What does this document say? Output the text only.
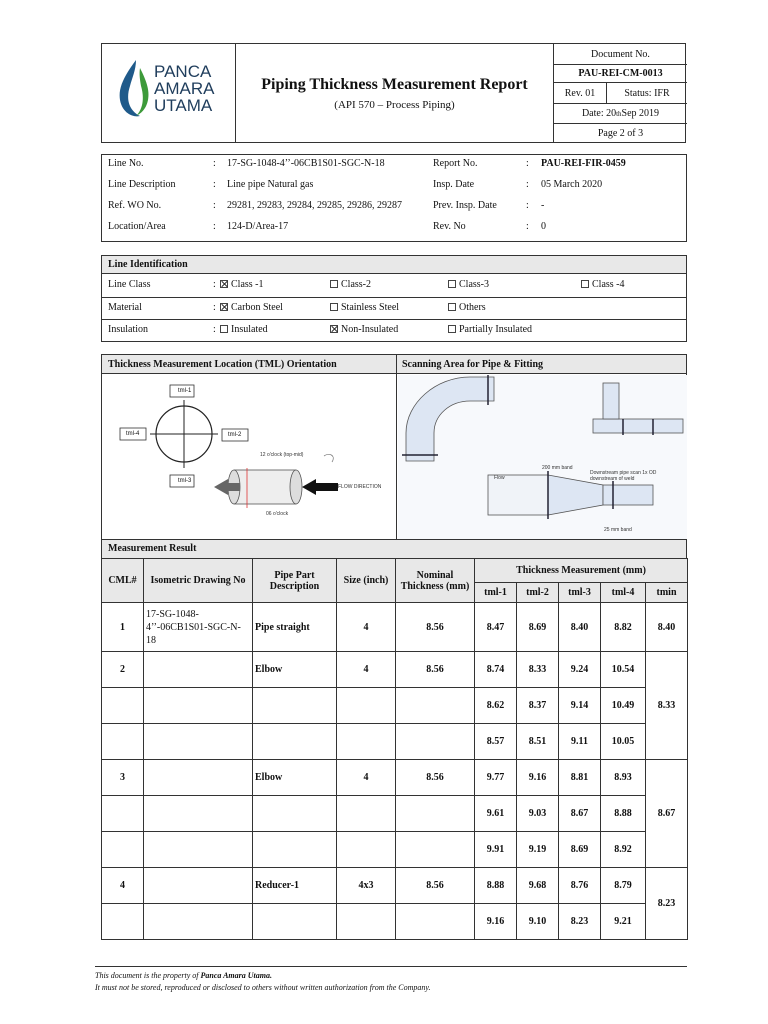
PANCA
AMARA
UTAMA
Piping Thickness Measurement Report
(API 570 – Process Piping)
Document No.
PAU-REI-CM-0013
Rev. 01	Status: IFR
Date: 20 th Sep 2019
Page 2 of 3
Line No.	: 17-SG-1048-4’’-06CB1S01-SGC-N-18	Report No.	: PAU-REI-FIR-0459
Line Description	: Line pipe Natural gas	Insp. Date	: 05 March 2020
Ref. WO No.	: 29281, 29283, 29284, 29285, 29286, 29287	Prev. Insp. Date	: -
Location/Area	: 124-D/Area-17	Rev. No	: 0
Line Identification
Line Class	:	Class -1	Class-2	Class-3	Class -4
Material	:	Carbon Steel	Stainless Steel	Others
Insulation	:	Insulated	Non-Insulated	Partially Insulated
Thickness Measurement Location (TML) Orientation	Scanning Area for Pipe & Fitting
tml-1
tml-2
tml-3
tml-4
12 o'clock (top-mid)
06 o'clock
FLOW DIRECTION
Flow
200 mm band
25 mm band
Downstream pipe scan 1x OD downstream of weld
Measurement Result
CML#	Isometric Drawing No	Pipe Part Description	Size (inch)	Nominal Thickness (mm)	Thickness Measurement (mm)				
					tml-1	tml-2	tml-3	tml-4	tmin
1	17-SG-1048-4’’-06CB1S01-SGC-N-18	Pipe straight	4	8.56	8.47	8.69	8.40	8.82	8.40
2		Elbow	4	8.56	8.74	8.33	9.24	10.54	8.33
					8.62	8.37	9.14	10.49	
					8.57	8.51	9.11	10.05	
3		Elbow	4	8.56	9.77	9.16	8.81	8.93	8.67
					9.61	9.03	8.67	8.88	
					9.91	9.19	8.69	8.92	
4		Reducer-1	4x3	8.56	8.88	9.68	8.76	8.79	8.23
					9.16	9.10	8.23	9.21	
This document is the property of Panca Amara Utama.
It must not be stored, reproduced or disclosed to others without written authorization from the Company.
